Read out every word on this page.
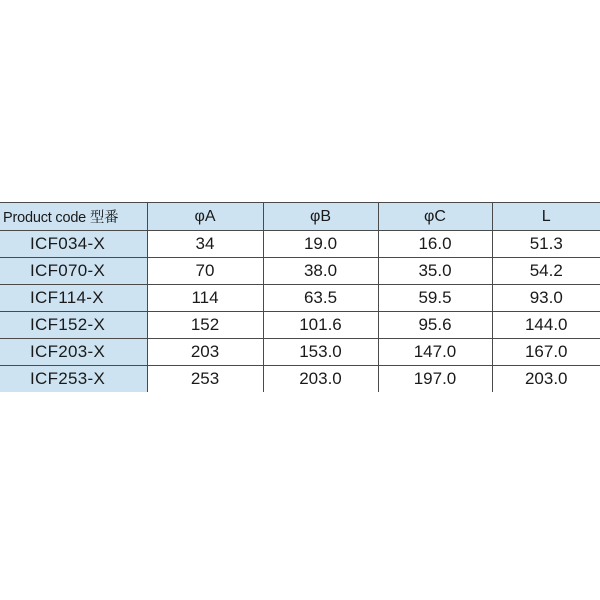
Product code 型番	φA	φB	φC	L
ICF034-X	34	19.0	16.0	51.3
ICF070-X	70	38.0	35.0	54.2
ICF114-X	114	63.5	59.5	93.0
ICF152-X	152	101.6	95.6	144.0
ICF203-X	203	153.0	147.0	167.0
ICF253-X	253	203.0	197.0	203.0
